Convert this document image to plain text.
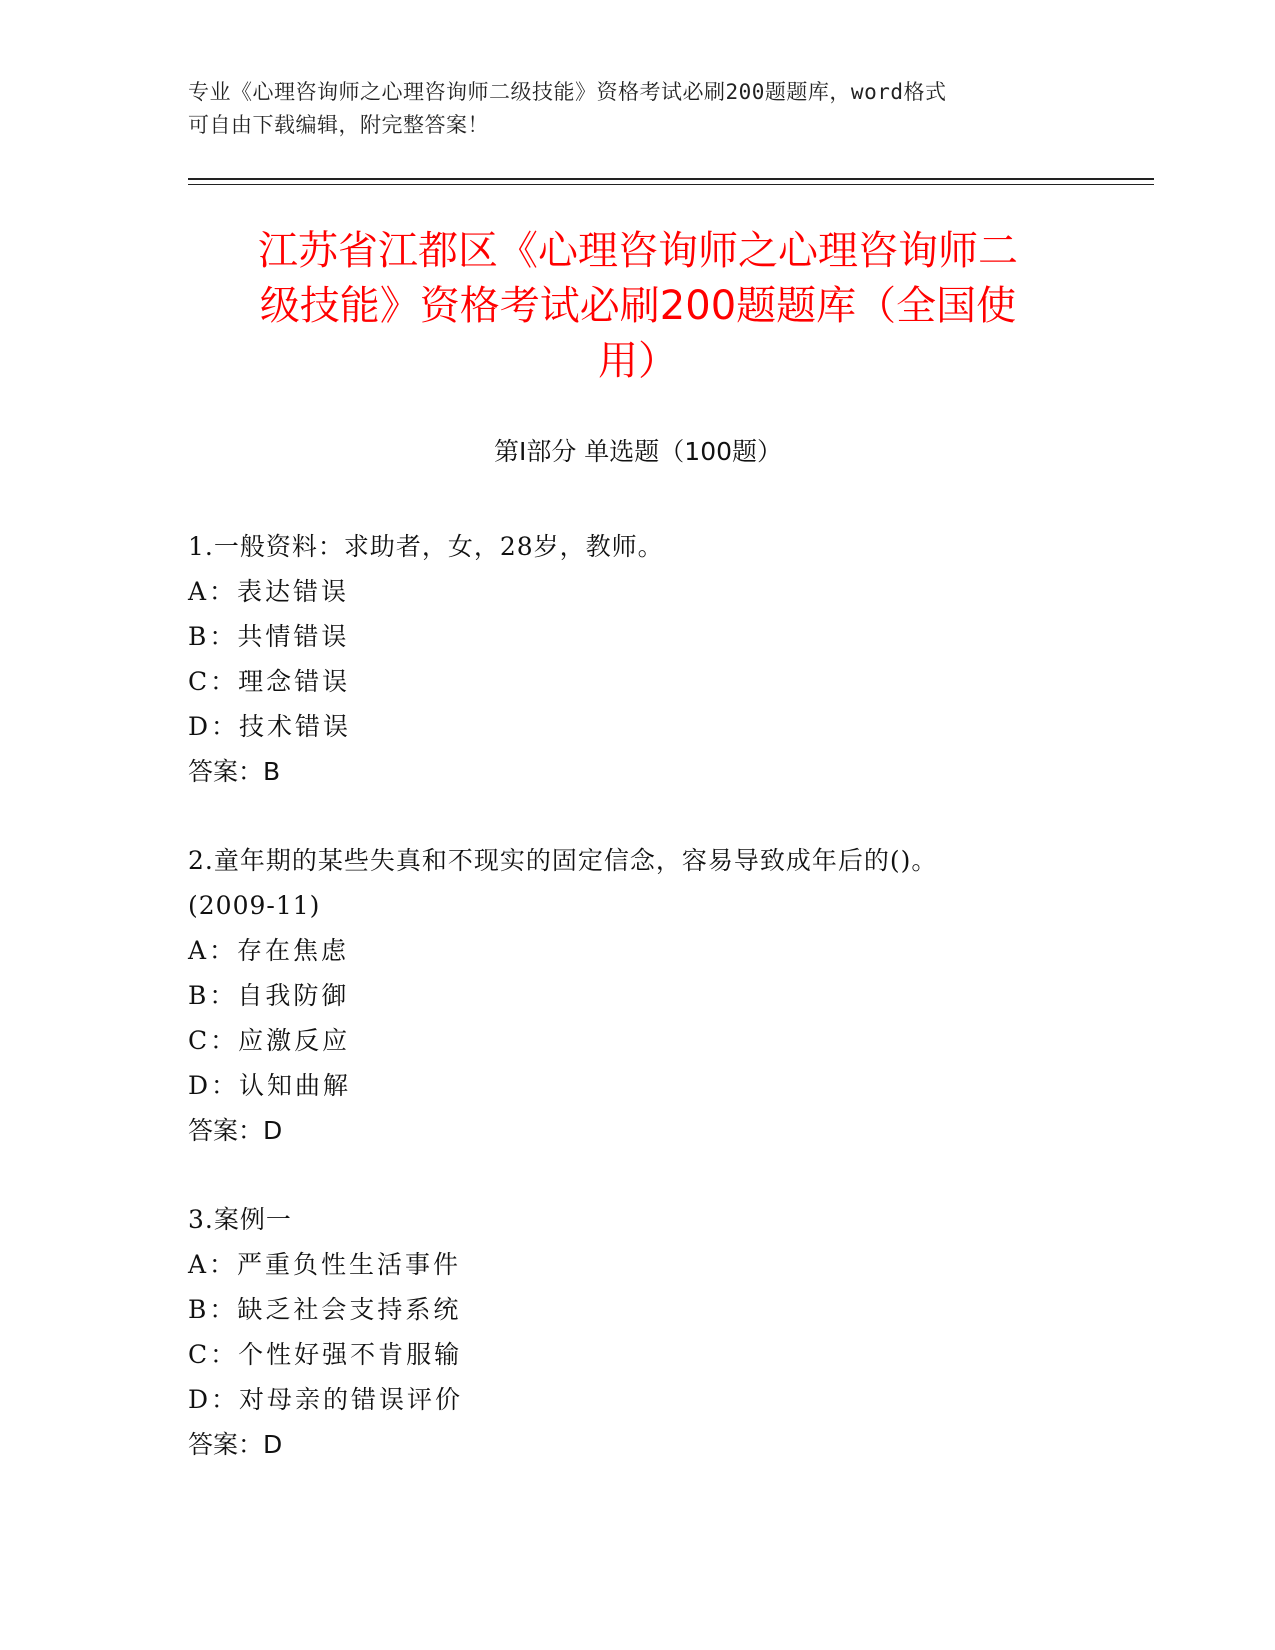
专业《心理咨询师之心理咨询师二级技能》资格考试必刷200题题库，word格式
可自由下载编辑，附完整答案！
江苏省江都区《心理咨询师之心理咨询师二
级技能》资格考试必刷200题题库（全国使
用）
第Ⅰ部分 单选题（100题）
1.一般资料：求助者，女，28岁，教师。
A：表达错误
B：共情错误
C：理念错误
D：技术错误
答案：B
2.童年期的某些失真和不现实的固定信念，容易导致成年后的()。
(2009-11)
A：存在焦虑
B：自我防御
C：应激反应
D：认知曲解
答案：D
3.案例一
A：严重负性生活事件
B：缺乏社会支持系统
C：个性好强不肯服输
D：对母亲的错误评价
答案：D
